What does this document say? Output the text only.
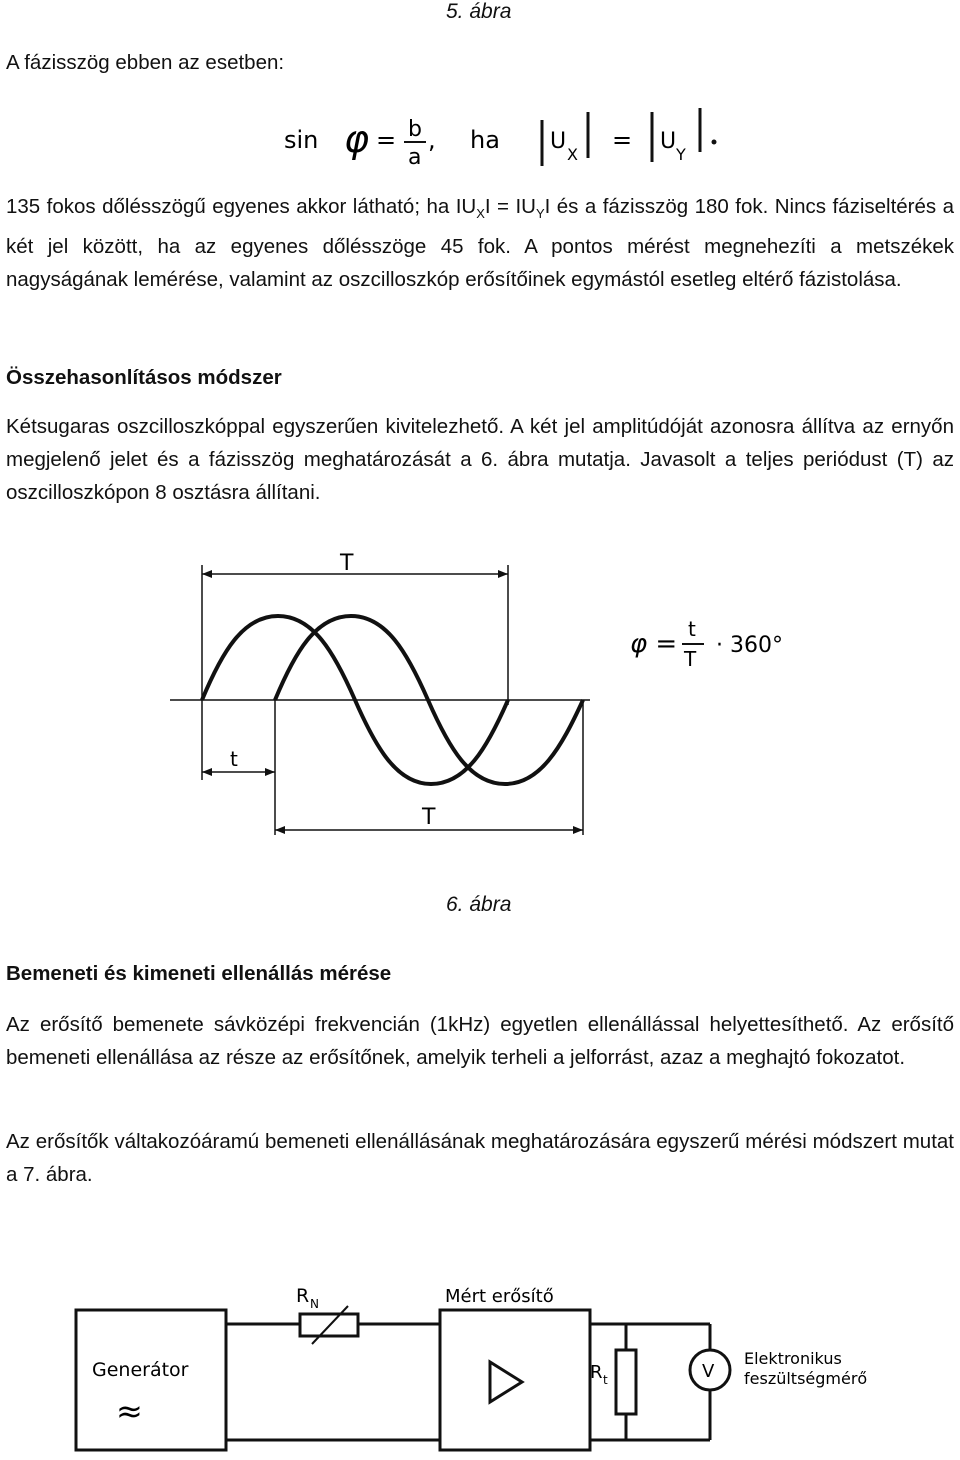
5. ábra
A fázisszög ebben az esetben:
sin φ = b
a
, ha U
X
= U
Y
135 fokos dőlésszögű egyenes akkor látható; ha $IU_XI = IU_YI$ és a fázisszög 180 fok. Nincs fáziseltérés a két jel között, ha az egyenes dőlésszöge 45 fok. A pontos mérést megnehezíti a metszékek nagyságának lemérése, valamint az oszcilloszkóp erősítőinek egymástól esetleg eltérő fázistolása.
Összehasonlításos módszer
Kétsugaras oszcilloszkóppal egyszerűen kivitelezhető. A két jel amplitúdóját azonosra állítva az ernyőn megjelenő jelet és a fázisszög meghatározását a 6. ábra mutatja. Javasolt a teljes periódust (T) az oszcilloszkópon 8 osztásra állítani.
T
t
T
φ = t
T
· 360°
6. ábra
Bemeneti és kimeneti ellenállás mérése
Az erősítő bemenete sávközépi frekvencián (1kHz) egyetlen ellenállással helyettesíthető. Az erősítő bemeneti ellenállása az része az erősítőnek, amelyik terheli a jelforrást, azaz a meghajtó fokozatot.
Az erősítők váltakozóáramú bemeneti ellenállásának meghatározására egyszerű mérési módszert mutat a 7. ábra.
Generátor
≈
R N	Mért erősítő
R t	V
Elektronikus
feszültségmérő
